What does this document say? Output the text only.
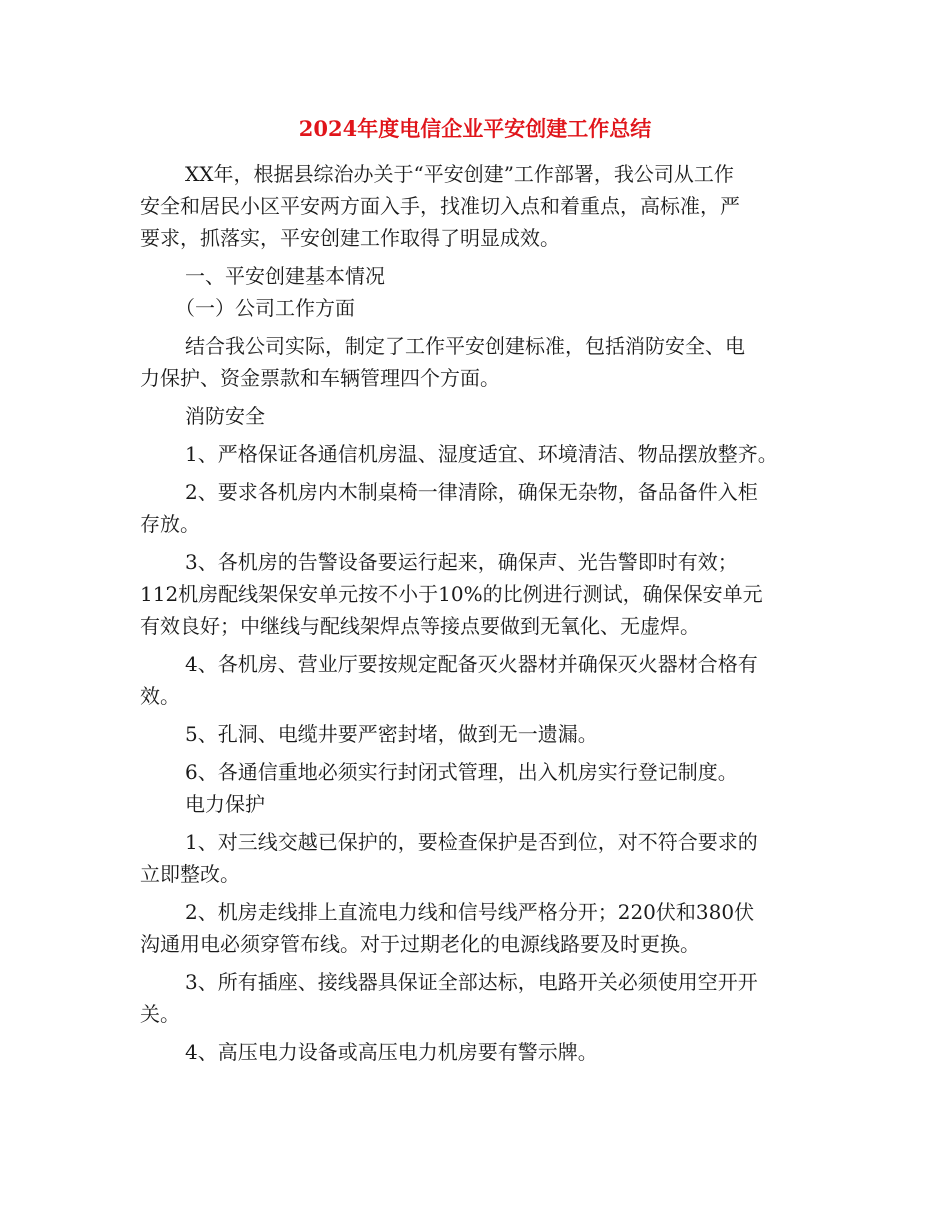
2024年度电信企业平安创建工作总结
XX年，根据县综治办关于“平安创建”工作部署，我公司从工作
安全和居民小区平安两方面入手，找准切入点和着重点，高标准，严
要求，抓落实，平安创建工作取得了明显成效。
一、平安创建基本情况
（一）公司工作方面
结合我公司实际，制定了工作平安创建标准，包括消防安全、电
力保护、资金票款和车辆管理四个方面。
消防安全
1、严格保证各通信机房温、湿度适宜、环境清洁、物品摆放整齐。
2、要求各机房内木制桌椅一律清除，确保无杂物，备品备件入柜
存放。
3、各机房的告警设备要运行起来，确保声、光告警即时有效；
112机房配线架保安单元按不小于10%的比例进行测试，确保保安单元
有效良好；中继线与配线架焊点等接点要做到无氧化、无虚焊。
4、各机房、营业厅要按规定配备灭火器材并确保灭火器材合格有
效。
5、孔洞、电缆井要严密封堵，做到无一遗漏。
6、各通信重地必须实行封闭式管理，出入机房实行登记制度。
电力保护
1、对三线交越已保护的，要检查保护是否到位，对不符合要求的
立即整改。
2、机房走线排上直流电力线和信号线严格分开；220伏和380伏
沟通用电必须穿管布线。对于过期老化的电源线路要及时更换。
3、所有插座、接线器具保证全部达标，电路开关必须使用空开开
关。
4、高压电力设备或高压电力机房要有警示牌。
